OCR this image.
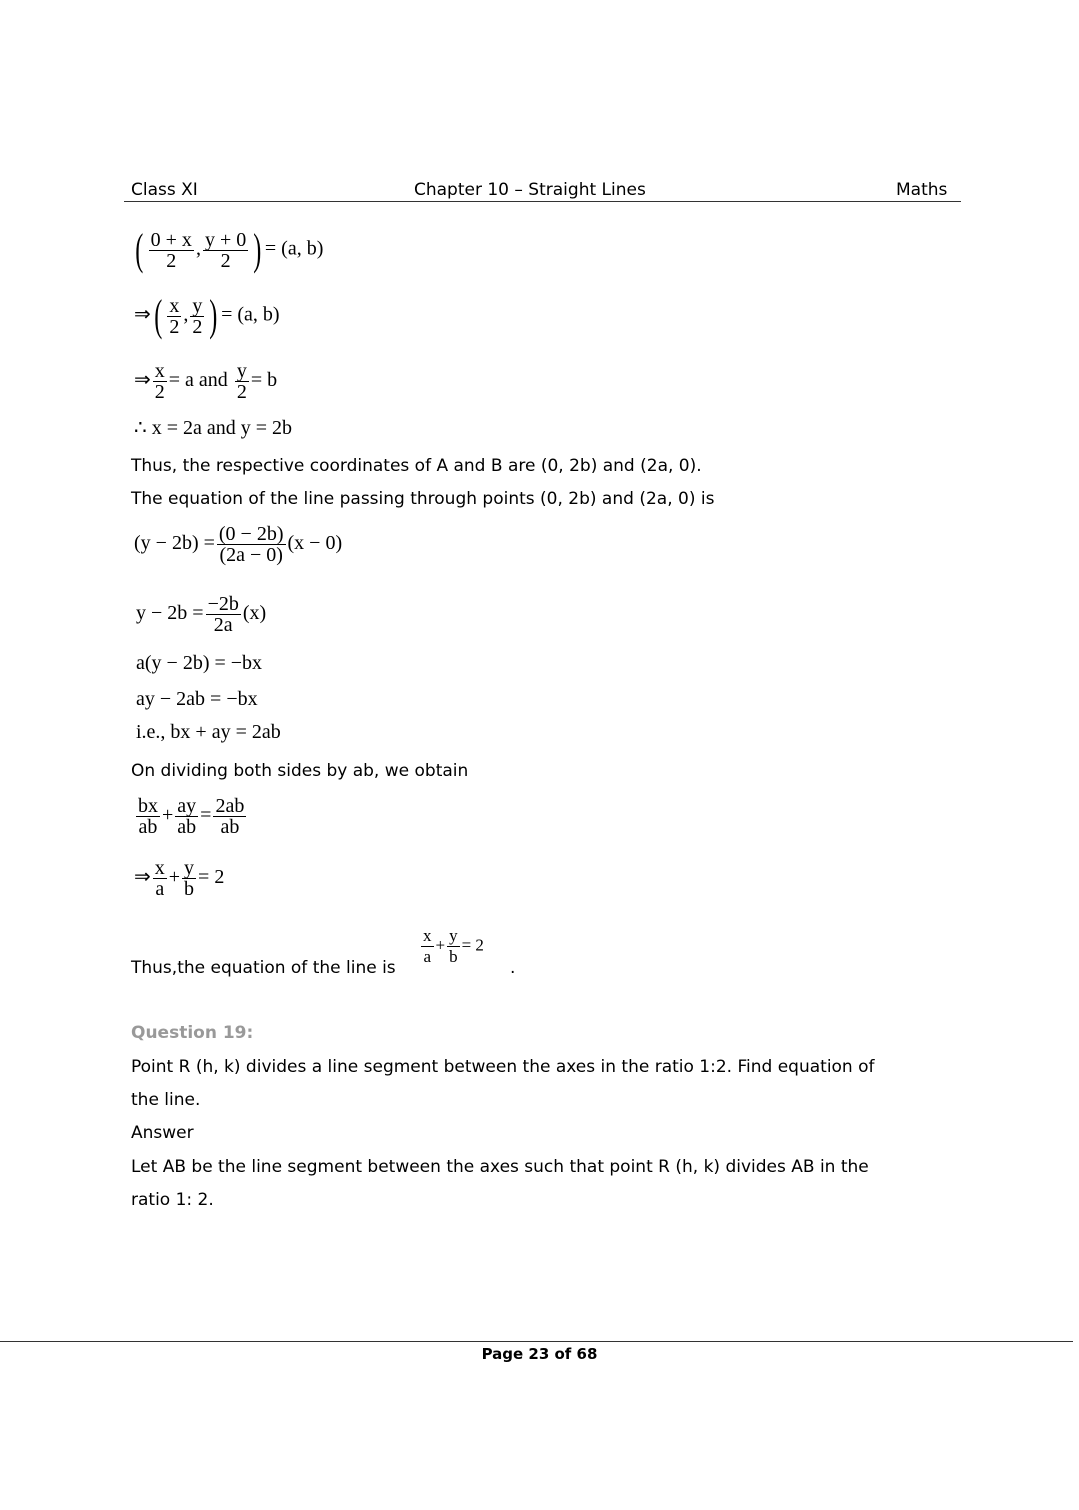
Class XI	Chapter 10 – Straight Lines	Maths
( $\frac{0 + x}{2}$ , $\frac{y + 0}{2}$ ) = (a, b)
⇒( $\frac{x}{2}$ , $\frac{y}{2}$ ) = (a, b)
⇒ $\frac{x}{2} = a$ and $\frac{y}{2} = b$
∴ x = 2a and y = 2b
Thus, the respective coordinates of A and B are (0, 2b) and (2a, 0).
The equation of the line passing through points (0, 2b) and (2a, 0) is
$(y - 2b) = \frac{(0 - 2b)}{(2a - 0)} (x - 0)$
$y - 2b = \frac{-2b}{2a} (x)$
a(y − 2b) = −bx
ay − 2ab = −bx
i.e., bx + ay = 2ab
On dividing both sides by ab, we obtain
$\frac{bx}{ab} + \frac{ay}{ab} = \frac{2ab}{ab}$
⇒ $\frac{x}{a} + \frac{y}{b} = 2$
Thus,the equation of the line is
$\frac{x}{a} + \frac{y}{b} = 2$
.
Question 19:
Point R (h, k) divides a line segment between the axes in the ratio 1:2. Find equation of
the line.
Answer
Let AB be the line segment between the axes such that point R (h, k) divides AB in the
ratio 1: 2.
Page 23 of 68
